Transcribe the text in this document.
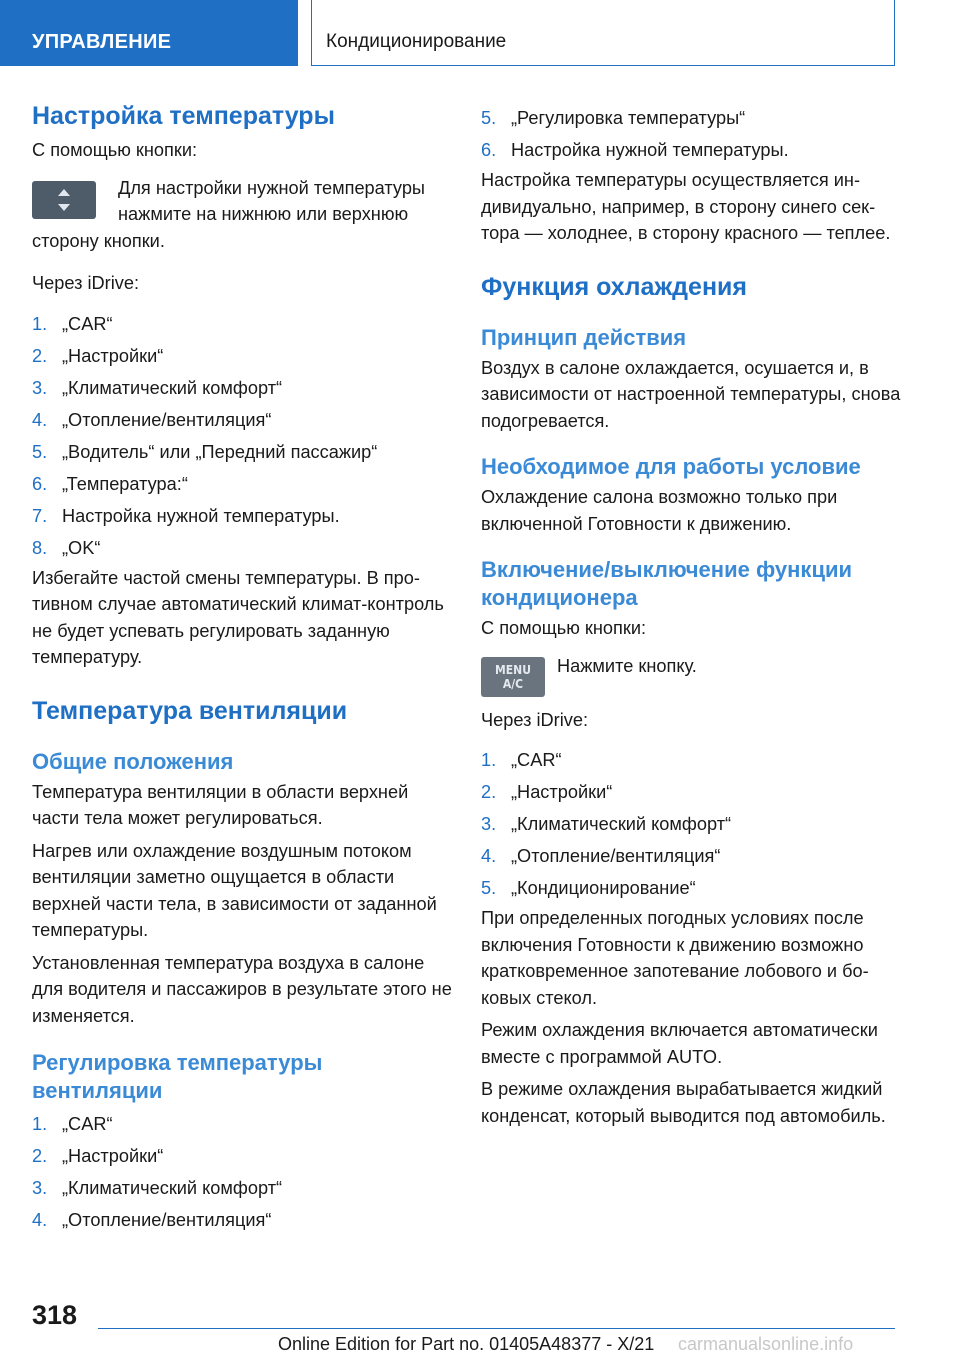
УПРАВЛЕНИЕ	Кондиционирование
Настройка температуры

С помощью кнопки:

Для настройки нужной температуры нажмите на нижнюю или верхнюю сторону кнопки.

Через iDrive:

1. „CAR“
2. „Настройки“
3. „Климатический комфорт“
4. „Отопление/вентиляция“
5. „Водитель“ или „Передний пассажир“
6. „Температура:“
7. Настройка нужной температуры.
8. „OK“

Избегайте частой смены температуры. В противном случае автоматический климат-контроль не будет успевать регулировать заданную температуру.

Температура вентиляции
Общие положения

Температура вентиляции в области верхней части тела может регулироваться.

Нагрев или охлаждение воздушным потоком вентиляции заметно ощущается в области верхней части тела, в зависимости от заданной температуры.

Установленная температура воздуха в салоне для водителя и пассажиров в результате этого не изменяется.

Регулировка температуры вентиляции
1. „CAR“
2. „Настройки“
3. „Климатический комфорт“
4. „Отопление/вентиляция“
5. „Регулировка температуры“
6. Настройка нужной температуры.

Настройка температуры осуществляется индивидуально, например, в сторону синего сектора — холоднее, в сторону красного — теплее.

Функция охлаждения
Принцип действия

Воздух в салоне охлаждается, осушается и, в зависимости от настроенной температуры, снова подогревается.

Необходимое для работы условие

Охлаждение салона возможно только при включенной Готовности к движению.

Включение/выключение функции кондиционера

С помощью кнопки:

MENU
A/C

Нажмите кнопку.

Через iDrive:

1. „CAR“
2. „Настройки“
3. „Климатический комфорт“
4. „Отопление/вентиляция“
5. „Кондиционирование“

При определенных погодных условиях после включения Готовности к движению возможно кратковременное запотевание лобового и боковых стекол.

Режим охлаждения включается автоматически вместе с программой AUTO.

В режиме охлаждения вырабатывается жидкий конденсат, который выводится под автомобиль.

318
Online Edition for Part no. 01405A48377 - X/21 carmanualsonline.info
